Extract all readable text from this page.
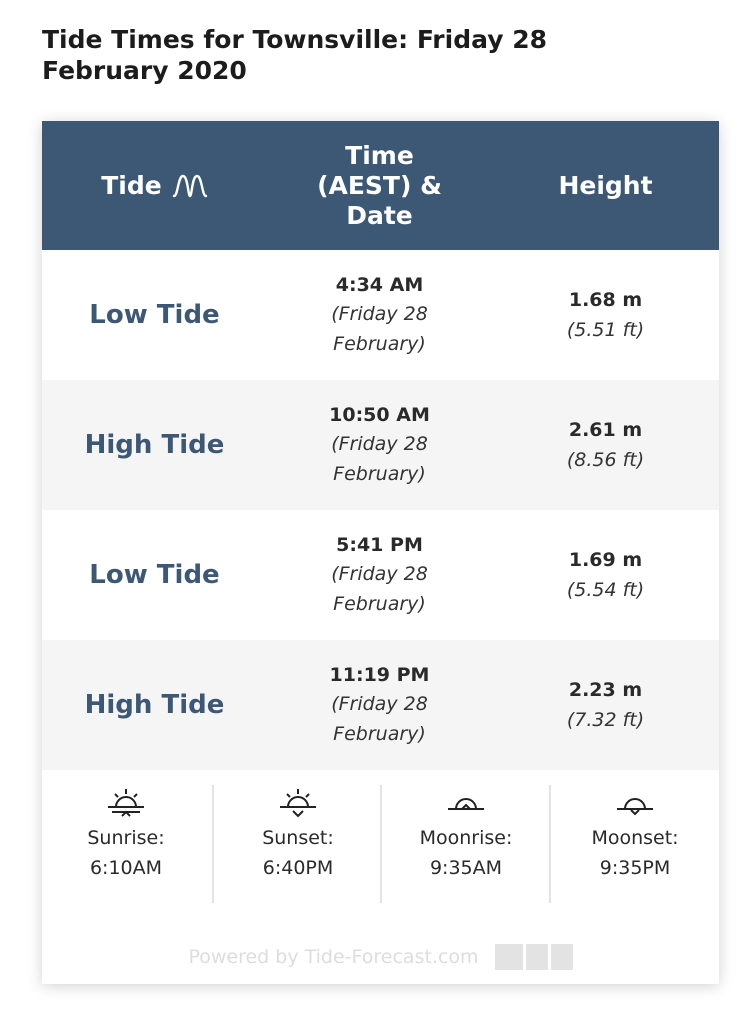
Tide Times for Townsville: Friday 28 February 2020
Tide
Time (AEST) & Date
Height
Low Tide
4:34 AM
(Friday 28 February)
1.68 m
(5.51 ft)
High Tide
10:50 AM
(Friday 28 February)
2.61 m
(8.56 ft)
Low Tide
5:41 PM
(Friday 28 February)
1.69 m
(5.54 ft)
High Tide
11:19 PM
(Friday 28 February)
2.23 m
(7.32 ft)
Sunrise:
6:10AM
Sunset:
6:40PM
Moonrise:
9:35AM
Moonset:
9:35PM
Powered by Tide-Forecast.com
